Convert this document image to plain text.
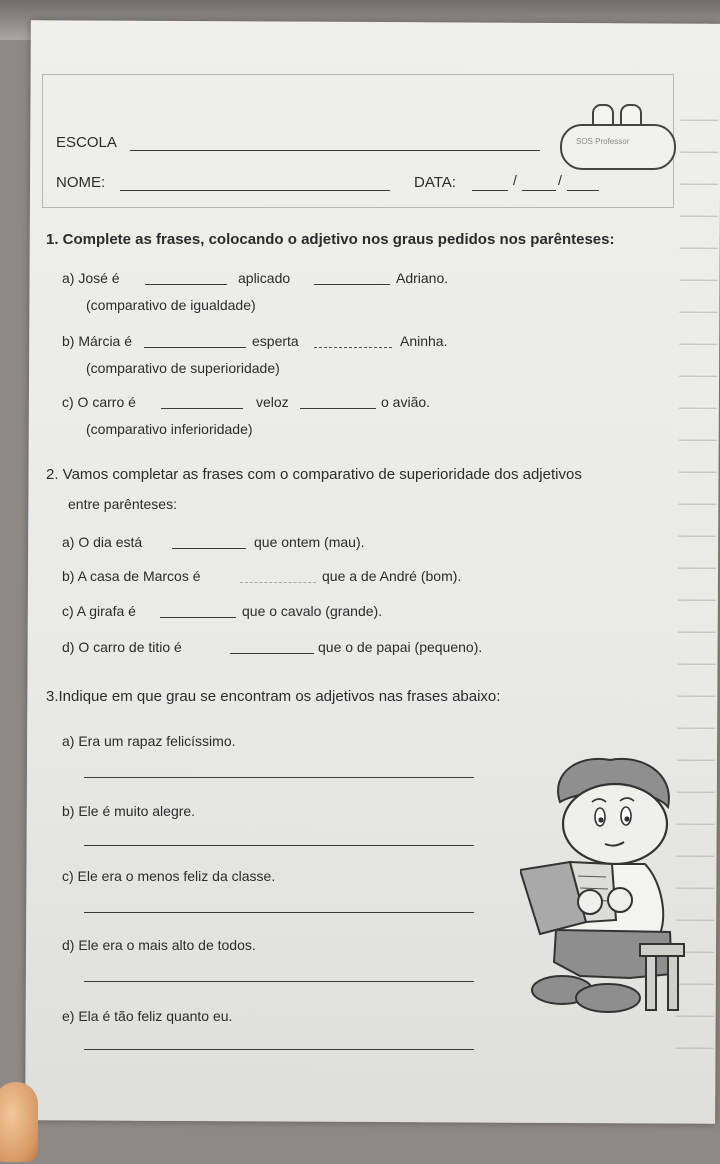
ESCOLA
NOME:	DATA:	/	/
SOS Professor
1. Complete as frases, colocando o adjetivo nos graus pedidos nos parênteses:
a) José é	aplicado	Adriano.
(comparativo de igualdade)
b) Márcia é	esperta	Aninha.
(comparativo de superioridade)
c) O carro é	veloz	o avião.
(comparativo inferioridade)
2. Vamos completar as frases com o comparativo de superioridade dos adjetivos
entre parênteses:
a) O dia está	que ontem (mau).
b) A casa de Marcos é	que a de André (bom).
c) A girafa é	que o cavalo (grande).
d) O carro de titio é	que o de papai (pequeno).
3.Indique em que grau se encontram os adjetivos nas frases abaixo:
a) Era um rapaz felicíssimo.
b) Ele é muito alegre.
c) Ele era o menos feliz da classe.
d) Ele era o mais alto de todos.
e) Ela é tão feliz quanto eu.
